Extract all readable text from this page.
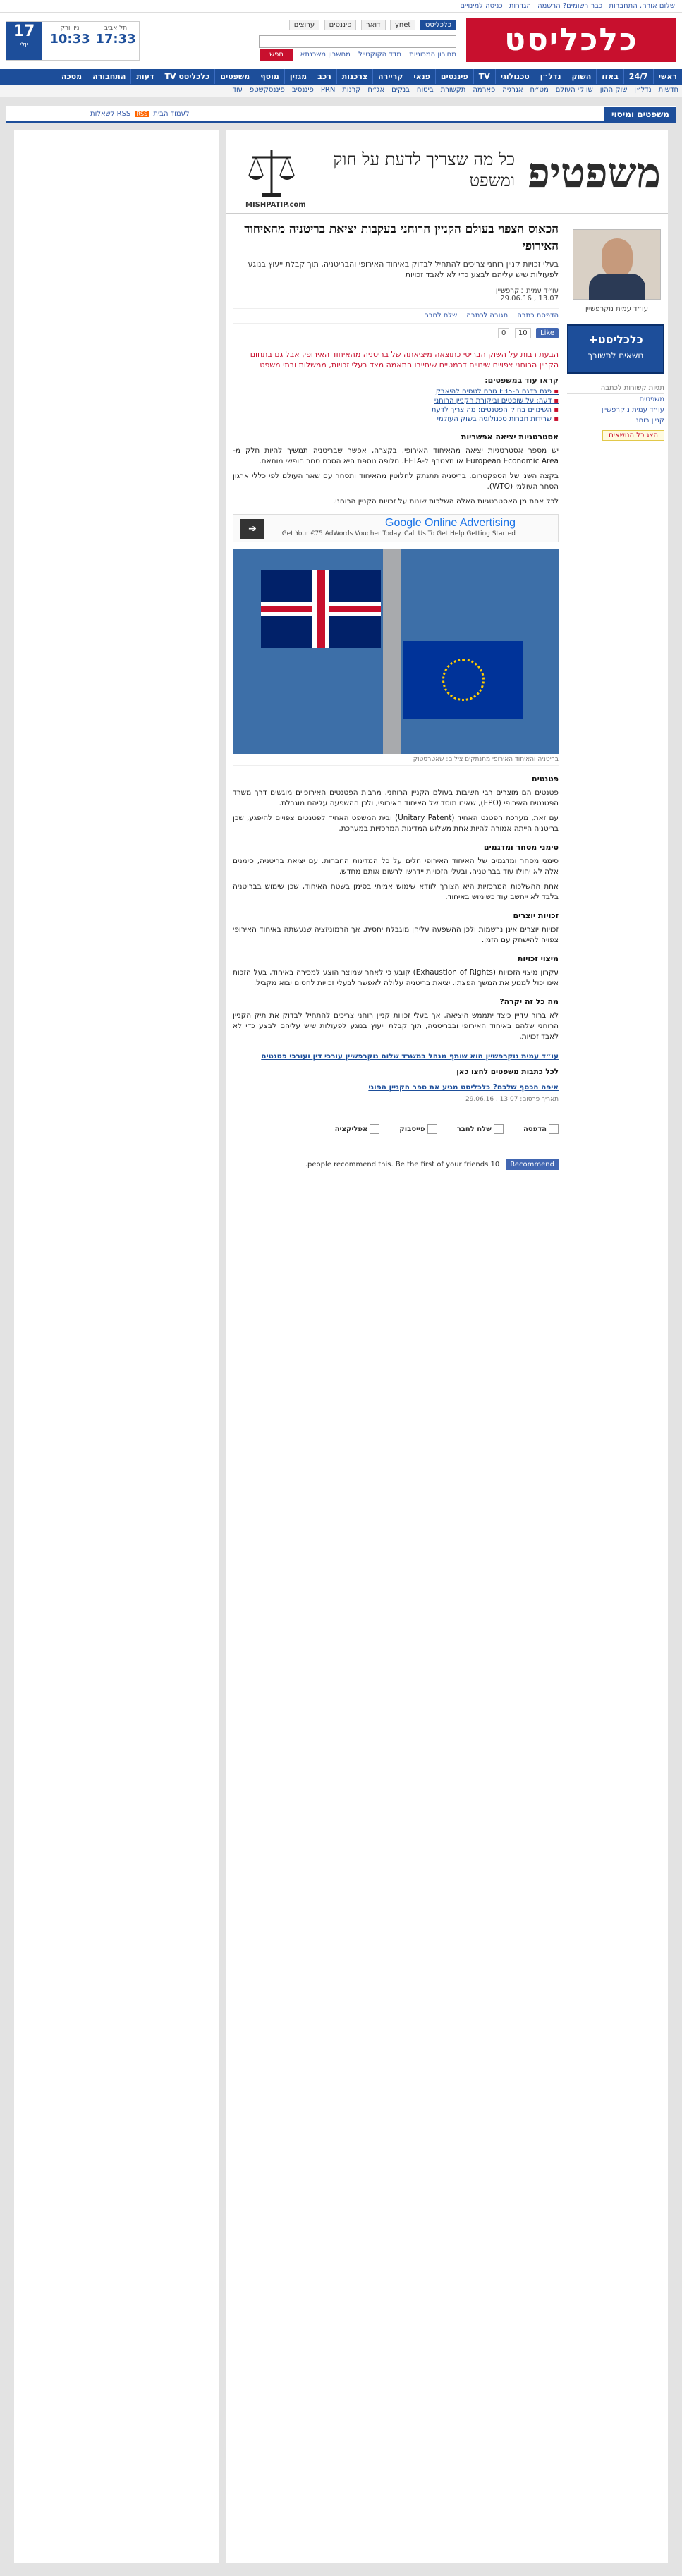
שלום אורח, התחברות כבר רשומים? הרשמה הגדרות כניסה למינויים
כלכליסט
כלכליסט ynet דואר פיננסים ערוצים
חפש	מחירון המכוניות מדד הקוקטייל מחשבון משכנתא
תל אביב
17:33
ניו יורק
10:33
17
יולי
ראשי24/7באזזהשוקנדל״ןטכנולוגיTVפיננסיםפנאיקריירהצרכנותרכבמגזיןמוסףמשפטיםכלכליסט TVדעותהתחבורהמסכה
חדשותנדל״ןשוק ההוןשווקי העולםמט״חאנרגיהפארמהתקשורתביטוחבנקיםאג״חקרנותPRNפיננסיבפיננסקשטפעוד
משפטים ומיסוי
לעמוד הבית RSS RSS לשאלות
משפטיפ
כל מה שצריך לדעת על חוק ומשפט
MISHPATIP.com
עו״ד עמית נוקרפשיין
כלכליסט+
נושאים לתשובך
תגיות קשורות לכתבה
משפטים
עו״ד עמית נוקרפשיין
קניין רוחני
הצג כל הנושאים
הכאוס הצפוי בעולם הקניין הרוחני בעקבות יציאת בריטניה מהאיחוד האירופי
בעלי זכויות קניין רוחני צריכים להתחיל לבדוק באיחוד האירופי והבריטניה, תוך קבלת ייעוץ בנוגע לפעולות שיש עליהם לבצע כדי לא לאבד זכויות
עו״ד עמית נוקרפשיין
13.07 , 29.06.16
הדפסת כתבה תגובה לכתבה שלח לחבר
Like 10 0
הבעת רבות על השוק הבריטי כתוצאה מיציאתה של בריטניה מהאיחוד האירופי, אבל גם בתחום הקניין הרוחני צפויים שינויים דרמטיים שיחייבו התאמה מצד בעלי זכויות, ממשלות ובתי משפט
קראו עוד במשפטים:
▪ פגם בדגם ה-F35 גורם לטסים להיאבק
▪ דעה: על שופטים וביקורת הקניין הרוחני
▪ השינויים בחוק הפטנטים: מה צריך לדעת
▪ שרידות חברות טכנולוגיה בשוק העולמי
אסטרטגיות יציאה אפשריות

יש מספר אסטרטגיות יציאה מהאיחוד האירופי. בקצרה, אפשר שבריטניה תמשיך להיות חלק מ-European Economic Area או תצטרף ל-EFTA. חלופה נוספת היא הסכם סחר חופשי מותאם.

בקצה השני של הספקטרום, בריטניה תתנתק לחלוטין מהאיחוד ותסחר עם שאר העולם לפי כללי ארגון הסחר העולמי (WTO).

לכל אחת מן האסטרטגיות האלה השלכות שונות על זכויות הקניין הרוחני.

➔	Google Online Advertising
Get Your €75 AdWords Voucher Today. Call Us To Get Help Getting Started
בריטניה והאיחוד האירופי מתנתקים צילום: שאטרסטוק
פטנטים

פטנטים הם מוצרים רבי חשיבות בעולם הקניין הרוחני. מרבית הפטנטים האירופיים מוגשים דרך משרד הפטנטים האירופי (EPO), שאינו מוסד של האיחוד האירופי, ולכן ההשפעה עליהם מוגבלת.

עם זאת, מערכת הפטנט האחיד (Unitary Patent) ובית המשפט האחיד לפטנטים צפויים להיפגע, שכן בריטניה הייתה אמורה להיות אחת משלוש המדינות המרכזיות במערכת.

סימני מסחר ומדגמים

סימני מסחר ומדגמים של האיחוד האירופי חלים על כל המדינות החברות. עם יציאת בריטניה, סימנים אלה לא יחולו עוד בבריטניה, ובעלי הזכויות יידרשו לרשום אותם מחדש.

אחת ההשלכות המרכזיות היא הצורך לוודא שימוש אמיתי בסימן בשטח האיחוד, שכן שימוש בבריטניה בלבד לא ייחשב עוד כשימוש באיחוד.

זכויות יוצרים

זכויות יוצרים אינן נרשמות ולכן ההשפעה עליהן מוגבלת יחסית, אך הרמוניזציה שנעשתה באיחוד האירופי צפויה להישחק עם הזמן.

מיצוי זכויות

עקרון מיצוי הזכויות (Exhaustion of Rights) קובע כי לאחר שמוצר הוצע למכירה באיחוד, בעל הזכות אינו יכול למנוע את המשך הפצתו. יציאת בריטניה עלולה לאפשר לבעלי זכויות לחסום יבוא מקביל.

מה כל זה יקרה?

לא ברור עדיין כיצד יתממש היציאה, אך בעלי זכויות קניין רוחני צריכים להתחיל לבדוק את תיק הקניין הרוחני שלהם באיחוד האירופי ובבריטניה, תוך קבלת ייעוץ בנוגע לפעולות שיש עליהם לבצע כדי לא לאבד זכויות.

עו״ד עמית נוקרפשיין הוא שותף מנהל במשרד שלום נוקרפשיין עורכי דין ועורכי פטנטים
לכל כתבות משפטים לחצו כאן
איפה הכסף שלכם? כלכליסט מגיע את ספר הקניין הפוגי
תאריך פרסום: 13.07 , 29.06.16
הדפסה שלח לחבר פייסבוק אפליקציה
Recommend 10 people recommend this. Be the first of your friends.
